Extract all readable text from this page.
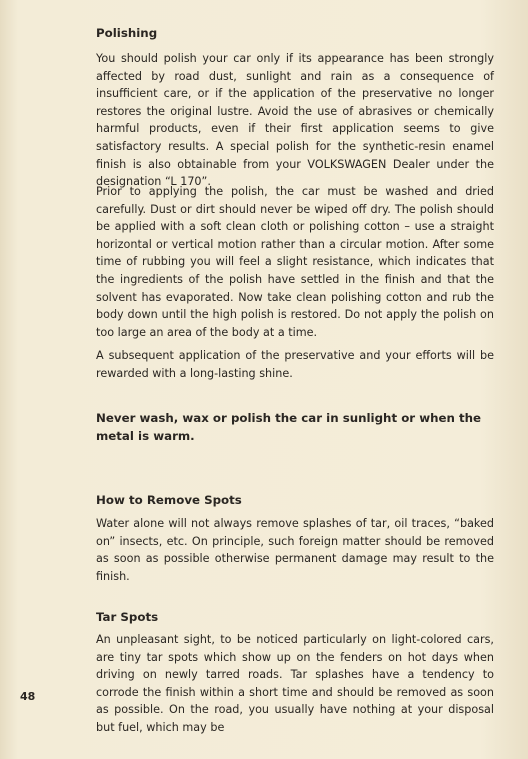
Polishing

You should polish your car only if its appearance has been strongly affected by road dust, sunlight and rain as a consequence of insufficient care, or if the application of the preservative no longer restores the original lustre. Avoid the use of abrasives or chemically harmful products, even if their first application seems to give satisfactory results. A special polish for the synthetic-resin enamel finish is also obtainable from your VOLKSWAGEN Dealer under the designation “L 170”.

Prior to applying the polish, the car must be washed and dried carefully. Dust or dirt should never be wiped off dry. The polish should be applied with a soft clean cloth or polishing cotton – use a straight horizontal or vertical motion rather than a circular motion. After some time of rubbing you will feel a slight resistance, which indicates that the ingredients of the polish have settled in the finish and that the solvent has evaporated. Now take clean polishing cotton and rub the body down until the high polish is restored. Do not apply the polish on too large an area of the body at a time.

A subsequent application of the preservative and your efforts will be rewarded with a long-lasting shine.

Never wash, wax or polish the car in sunlight or when the metal is warm.

How to Remove Spots

Water alone will not always remove splashes of tar, oil traces, “baked on” insects, etc. On principle, such foreign matter should be removed as soon as possible otherwise permanent damage may result to the finish.

Tar Spots

An unpleasant sight, to be noticed particularly on light-colored cars, are tiny tar spots which show up on the fenders on hot days when driving on newly tarred roads. Tar splashes have a tendency to corrode the finish within a short time and should be removed as soon as possible. On the road, you usually have nothing at your disposal but fuel, which may be

48
